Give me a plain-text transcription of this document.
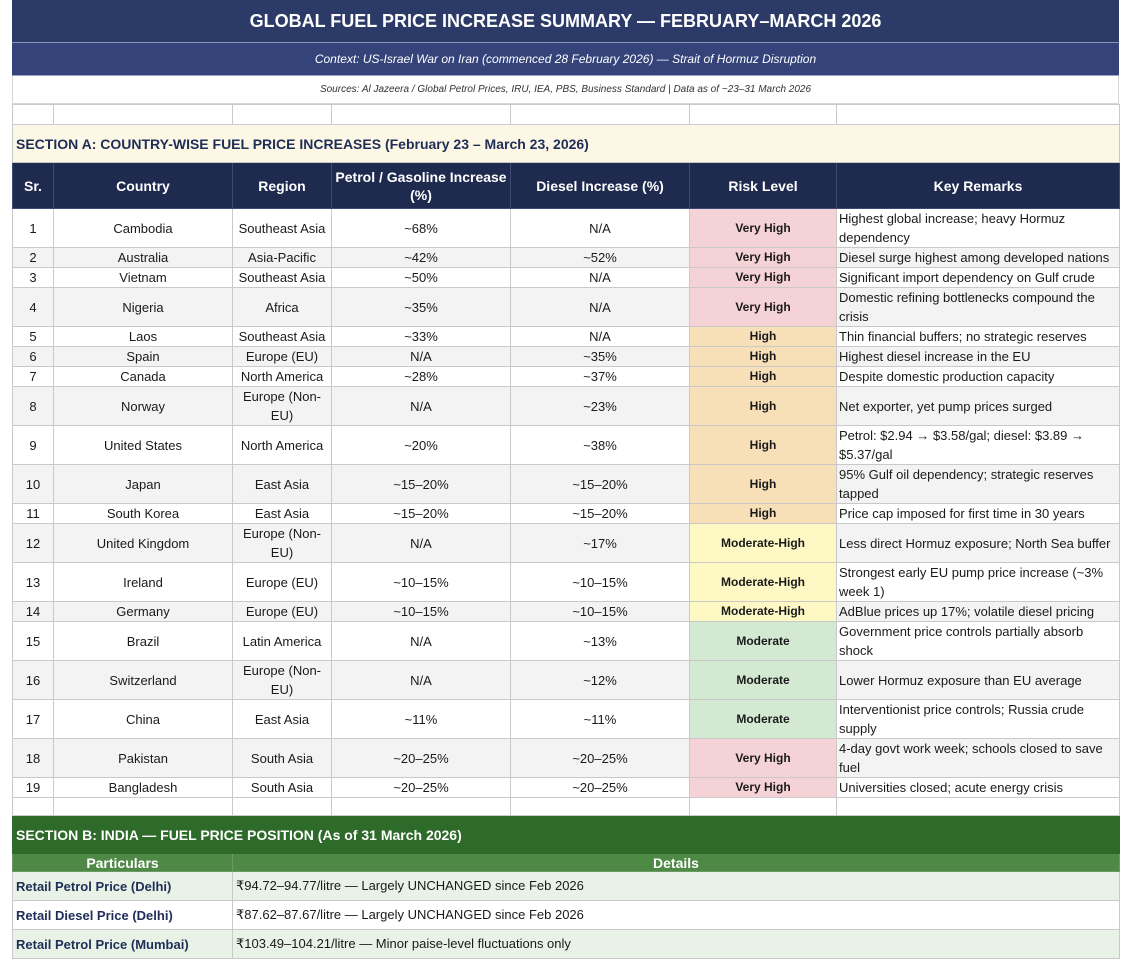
GLOBAL FUEL PRICE INCREASE SUMMARY — FEBRUARY–MARCH 2026
Context: US-Israel War on Iran (commenced 28 February 2026) — Strait of Hormuz Disruption
Sources: Al Jazeera / Global Petrol Prices, IRU, IEA, PBS, Business Standard | Data as of ~23–31 March 2026

SECTION A: COUNTRY-WISE FUEL PRICE INCREASES (February 23 – March 23, 2026)						
Sr.	Country	Region	Petrol / Gasoline Increase (%)	Diesel Increase (%)	Risk Level	Key Remarks
1	Cambodia	Southeast Asia	~68%	N/A	Very High	Highest global increase; heavy Hormuz dependency
2	Australia	Asia-Pacific	~42%	~52%	Very High	Diesel surge highest among developed nations
3	Vietnam	Southeast Asia	~50%	N/A	Very High	Significant import dependency on Gulf crude
4	Nigeria	Africa	~35%	N/A	Very High	Domestic refining bottlenecks compound the crisis
5	Laos	Southeast Asia	~33%	N/A	High	Thin financial buffers; no strategic reserves
6	Spain	Europe (EU)	N/A	~35%	High	Highest diesel increase in the EU
7	Canada	North America	~28%	~37%	High	Despite domestic production capacity
8	Norway	Europe (Non-EU)	N/A	~23%	High	Net exporter, yet pump prices surged
9	United States	North America	~20%	~38%	High	Petrol: $2.94 → $3.58/gal; diesel: $3.89 → $5.37/gal
10	Japan	East Asia	~15–20%	~15–20%	High	95% Gulf oil dependency; strategic reserves tapped
11	South Korea	East Asia	~15–20%	~15–20%	High	Price cap imposed for first time in 30 years
12	United Kingdom	Europe (Non-EU)	N/A	~17%	Moderate-High	Less direct Hormuz exposure; North Sea buffer
13	Ireland	Europe (EU)	~10–15%	~10–15%	Moderate-High	Strongest early EU pump price increase (~3% week 1)
14	Germany	Europe (EU)	~10–15%	~10–15%	Moderate-High	AdBlue prices up 17%; volatile diesel pricing
15	Brazil	Latin America	N/A	~13%	Moderate	Government price controls partially absorb shock
16	Switzerland	Europe (Non-EU)	N/A	~12%	Moderate	Lower Hormuz exposure than EU average
17	China	East Asia	~11%	~11%	Moderate	Interventionist price controls; Russia crude supply
18	Pakistan	South Asia	~20–25%	~20–25%	Very High	4-day govt work week; schools closed to save fuel
19	Bangladesh	South Asia	~20–25%	~20–25%	Very High	Universities closed; acute energy crisis

SECTION B: INDIA — FUEL PRICE POSITION (As of 31 March 2026)	
Particulars	Details
Retail Petrol Price (Delhi)	₹94.72–94.77/litre — Largely UNCHANGED since Feb 2026
Retail Diesel Price (Delhi)	₹87.62–87.67/litre — Largely UNCHANGED since Feb 2026
Retail Petrol Price (Mumbai)	₹103.49–104.21/litre — Minor paise-level fluctuations only
